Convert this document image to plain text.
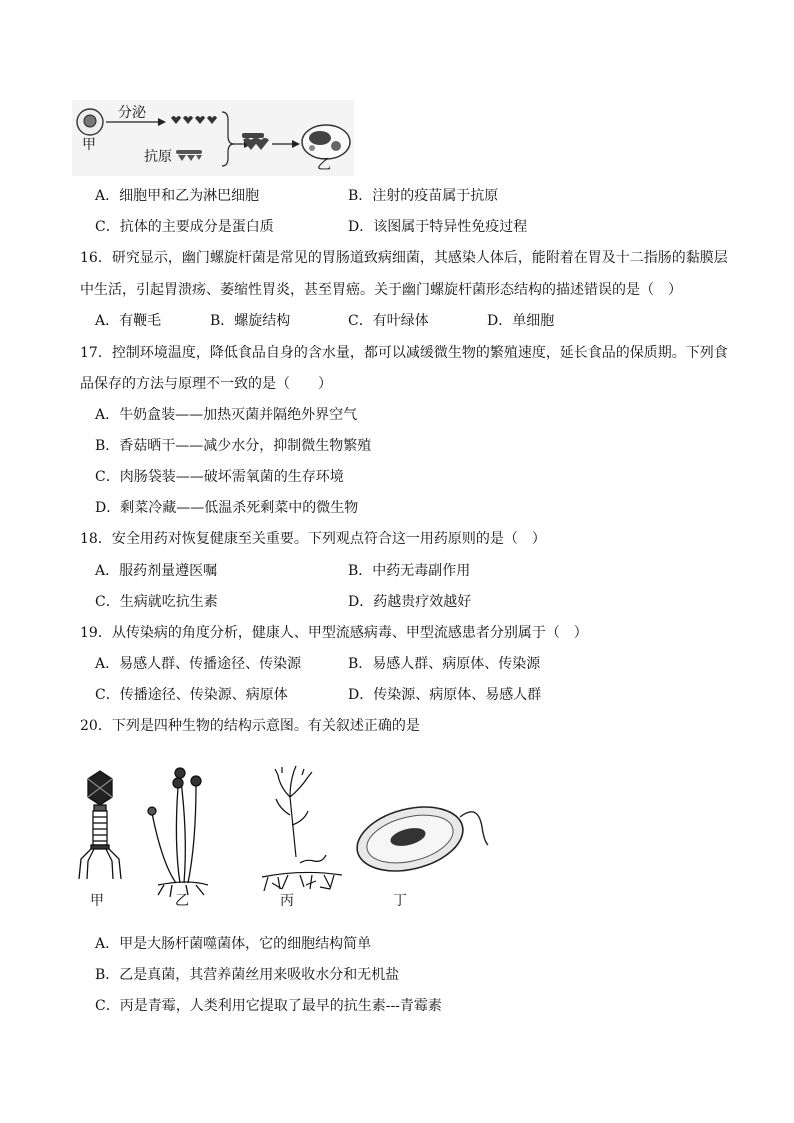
甲
分泌
抗原	乙
A．细胞甲和乙为淋巴细胞	B．注射的疫苗属于抗原
C．抗体的主要成分是蛋白质	D．该图属于特异性免疫过程
16．研究显示，幽门螺旋杆菌是常见的胃肠道致病细菌，其感染人体后，能附着在胃及十二指肠的黏膜层
中生活，引起胃溃疡、萎缩性胃炎，甚至胃癌。关于幽门螺旋杆菌形态结构的描述错误的是（　）
A．有鞭毛	B．螺旋结构	C．有叶绿体	D．单细胞
17．控制环境温度，降低食品自身的含水量，都可以减缓微生物的繁殖速度，延长食品的保质期。下列食
品保存的方法与原理不一致的是（　　）
A．牛奶盒装——加热灭菌并隔绝外界空气
B．香菇晒干——减少水分，抑制微生物繁殖
C．肉肠袋装——破坏需氧菌的生存环境
D．剩菜冷藏——低温杀死剩菜中的微生物
18．安全用药对恢复健康至关重要。下列观点符合这一用药原则的是（　）
A．服药剂量遵医嘱	B．中药无毒副作用
C．生病就吃抗生素	D．药越贵疗效越好
19．从传染病的角度分析，健康人、甲型流感病毒、甲型流感患者分别属于（　）
A．易感人群、传播途径、传染源	B．易感人群、病原体、传染源
C．传播途径、传染源、病原体	D．传染源、病原体、易感人群
20．下列是四种生物的结构示意图。有关叙述正确的是
甲	乙	丙	丁
A．甲是大肠杆菌噬菌体，它的细胞结构简单
B．乙是真菌，其营养菌丝用来吸收水分和无机盐
C．丙是青霉，人类利用它提取了最早的抗生素---青霉素
